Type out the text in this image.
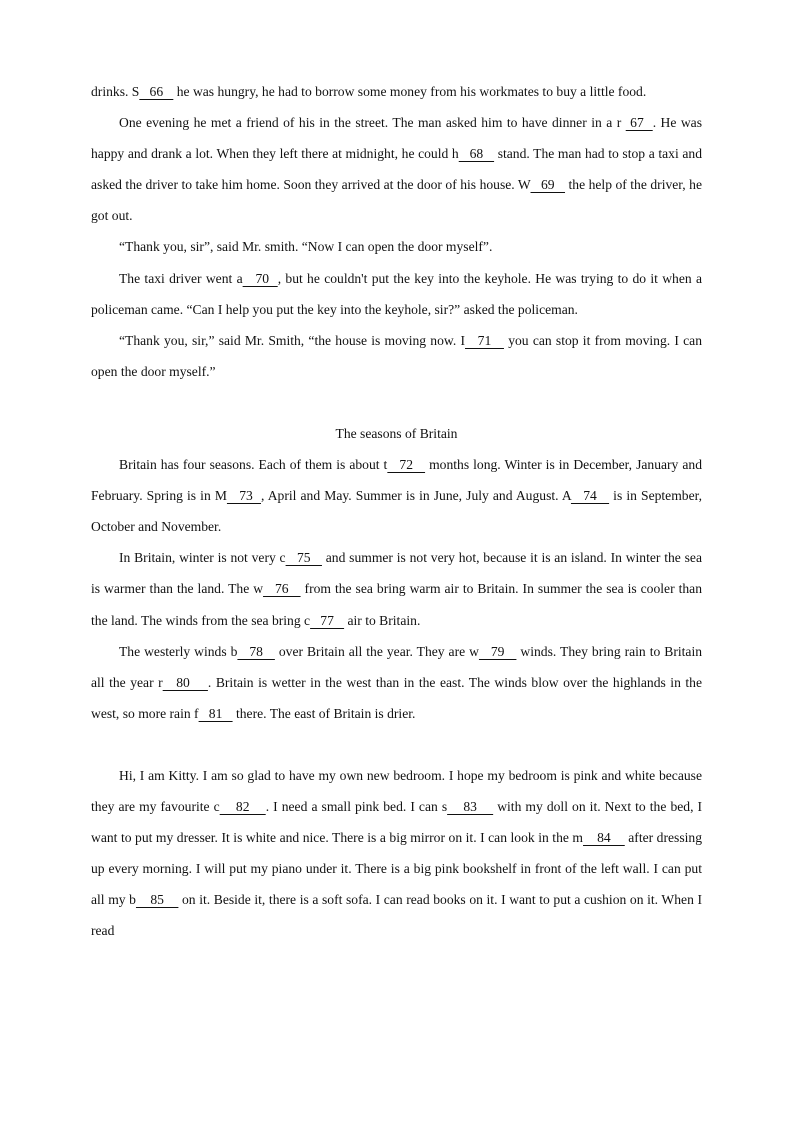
drinks. S   66    he was hungry, he had to borrow some money from his workmates to buy a little food.

One evening he met a friend of his in the street. The man asked him to have dinner in a r  67  . He was happy and drank a lot. When they left there at midnight, he could h   68    stand. The man had to stop a taxi and asked the driver to take him home. Soon they arrived at the door of his house. W   69    the help of the driver, he got out.

“Thank you, sir”, said Mr. smith. “Now I can open the door myself”.

The taxi driver went a   70  , but he couldn't put the key into the keyhole. He was trying to do it when a policeman came. “Can I help you put the key into the keyhole, sir?” asked the policeman.

“Thank you, sir,” said Mr. Smith, “the house is moving now. I   71    you can stop it from moving. I can open the door myself.”

The seasons of Britain

Britain has four seasons. Each of them is about t   72    months long. Winter is in December, January and February. Spring is in M   73  , April and May. Summer is in June, July and August. A   74    is in September, October and November.

In Britain, winter is not very c   75    and summer is not very hot, because it is an island. In winter the sea is warmer than the land. The w   76    from the sea bring warm air to Britain. In summer the sea is cooler than the land. The winds from the sea bring c   77    air to Britain.

The westerly winds b   78    over Britain all the year. They are w   79    winds. They bring rain to Britain all the year r   80    . Britain is wetter in the west than in the east. The winds blow over the highlands in the west, so more rain f   81    there. The east of Britain is drier.

Hi, I am Kitty. I am so glad to have my own new bedroom. I hope my bedroom is pink and white because they are my favourite c    82    . I need a small pink bed. I can s    83     with my doll on it. Next to the bed, I want to put my dresser. It is white and nice. There is a big mirror on it. I can look in the m    84     after dressing up every morning. I will put my piano under it. There is a big pink bookshelf in front of the left wall. I can put all my b    85     on it. Beside it, there is a soft sofa. I can read books on it. I want to put a cushion on it. When I read
